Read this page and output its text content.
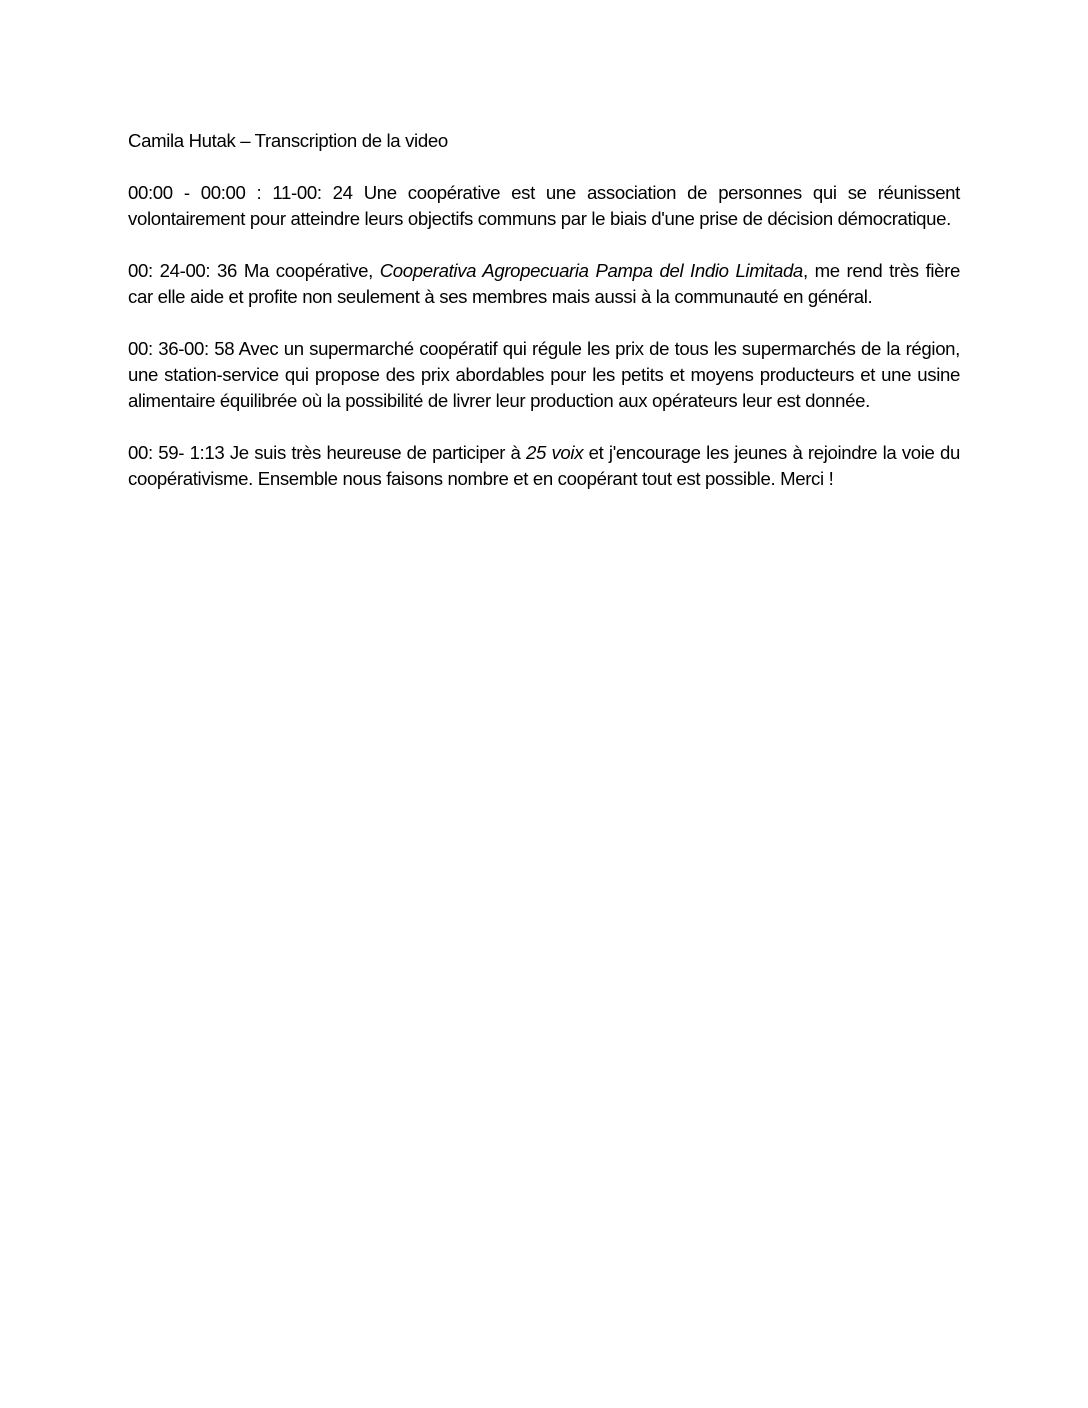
Camila Hutak – Transcription de la video

00:00 - 00:00 : 11-00: 24 Une coopérative est une association de personnes qui se réunissent volontairement pour atteindre leurs objectifs communs par le biais d'une prise de décision démocratique.

00: 24-00: 36 Ma coopérative, Cooperativa Agropecuaria Pampa del Indio Limitada, me rend très fière car elle aide et profite non seulement à ses membres mais aussi à la communauté en général.

00: 36-00: 58 Avec un supermarché coopératif qui régule les prix de tous les supermarchés de la région, une station-service qui propose des prix abordables pour les petits et moyens producteurs et une usine alimentaire équilibrée où la possibilité de livrer leur production aux opérateurs leur est donnée.

00: 59- 1:13 Je suis très heureuse de participer à 25 voix et j'encourage les jeunes à rejoindre la voie du coopérativisme. Ensemble nous faisons nombre et en coopérant tout est possible. Merci !
